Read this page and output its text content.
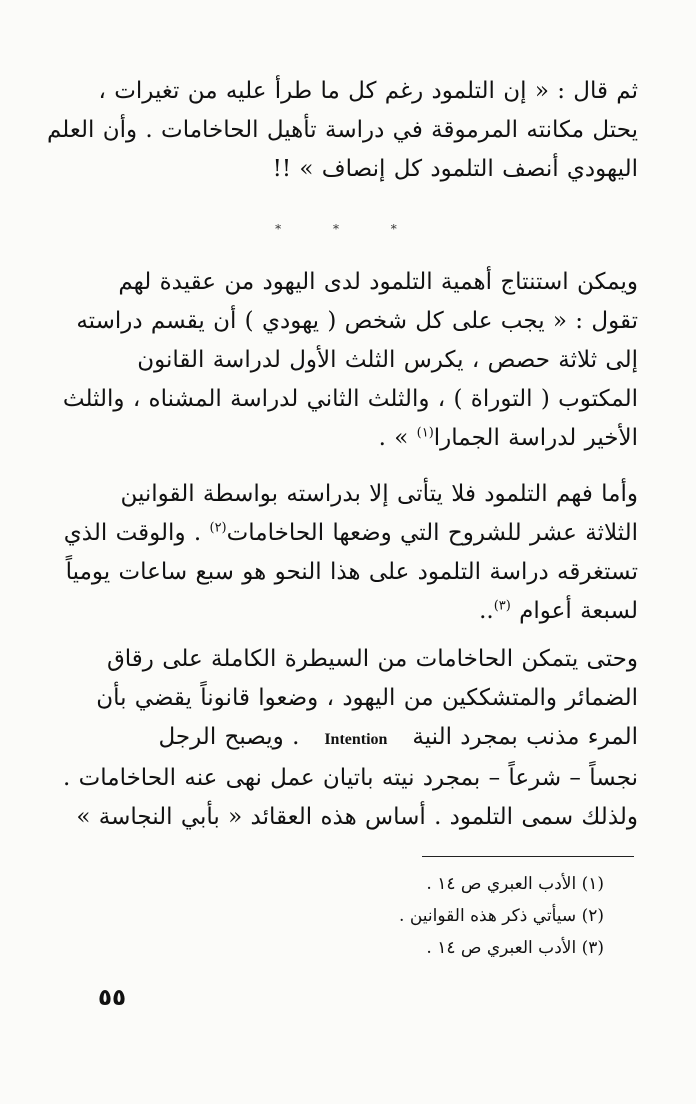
ثم قال : « إن التلمود رغم كل ما طرأ عليه من تغيرات ،
يحتل مكانته المرموقة في دراسة تأهيل الحاخامات . وأن العلم
اليهودي أنصف التلمود كل إنصاف » !!
* * *
ويمكن استنتاج أهمية التلمود لدى اليهود من عقيدة لهم
تقول : « يجب على كل شخص ( يهودي ) أن يقسم دراسته
إلى ثلاثة حصص ، يكرس الثلث الأول لدراسة القانون
المكتوب ( التوراة ) ، والثلث الثاني لدراسة المشناه ، والثلث
الأخير لدراسة الجمارا$^{(١)}$ » .
وأما فهم التلمود فلا يتأتى إلا بدراسته بواسطة القوانين
الثلاثة عشر للشروح التي وضعها الحاخامات$^{(٢)}$ . والوقت الذي
تستغرقه دراسة التلمود على هذا النحو هو سبع ساعات يومياً
لسبعة أعوام $^{(٣)}$..
وحتى يتمكن الحاخامات من السيطرة الكاملة على رقاق
الضمائر والمتشككين من اليهود ، وضعوا قانوناً يقضي بأن
المرء مذنب بمجرد النية   Intention   . ويصبح الرجل
نجساً – شرعاً – بمجرد نيته باتيان عمل نهى عنه الحاخامات .
ولذلك سمى التلمود . أساس هذه العقائد « بأبي النجاسة »
(١) الأدب العبري ص ١٤ .
(٢) سيأتي ذكر هذه القوانين .
(٣) الأدب العبري ص ١٤ .
٥٥
